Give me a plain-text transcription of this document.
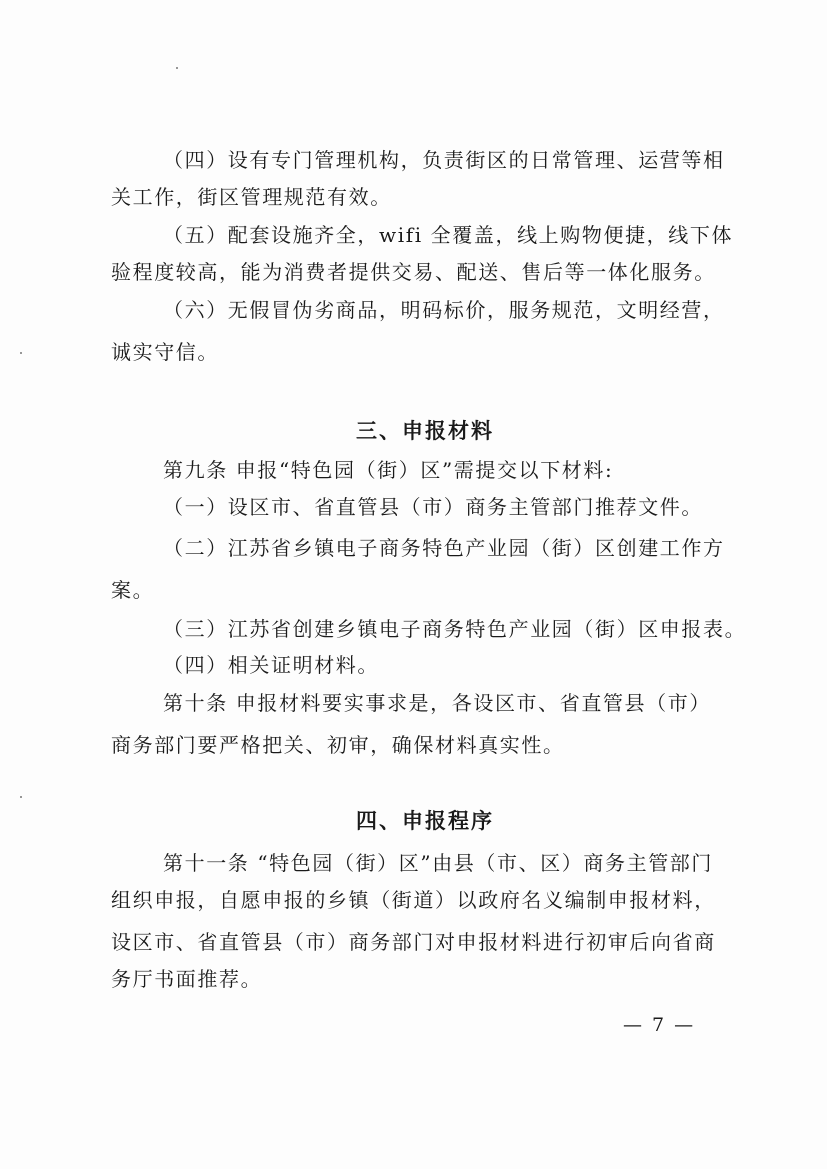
（四）设有专门管理机构，负责街区的日常管理、运营等相
关工作，街区管理规范有效。
（五）配套设施齐全，wifi 全覆盖，线上购物便捷，线下体
验程度较高，能为消费者提供交易、配送、售后等一体化服务。
（六）无假冒伪劣商品，明码标价，服务规范，文明经营，
诚实守信。
三、申报材料
第九条 申报“特色园（街）区”需提交以下材料:
（一）设区市、省直管县（市）商务主管部门推荐文件。
（二）江苏省乡镇电子商务特色产业园（街）区创建工作方
案。
（三）江苏省创建乡镇电子商务特色产业园（街）区申报表。
（四）相关证明材料。
第十条 申报材料要实事求是，各设区市、省直管县（市）
商务部门要严格把关、初审，确保材料真实性。
四、申报程序
第十一条 “特色园（街）区”由县（市、区）商务主管部门
组织申报，自愿申报的乡镇（街道）以政府名义编制申报材料，
设区市、省直管县（市）商务部门对申报材料进行初审后向省商
务厅书面推荐。
— 7 —
